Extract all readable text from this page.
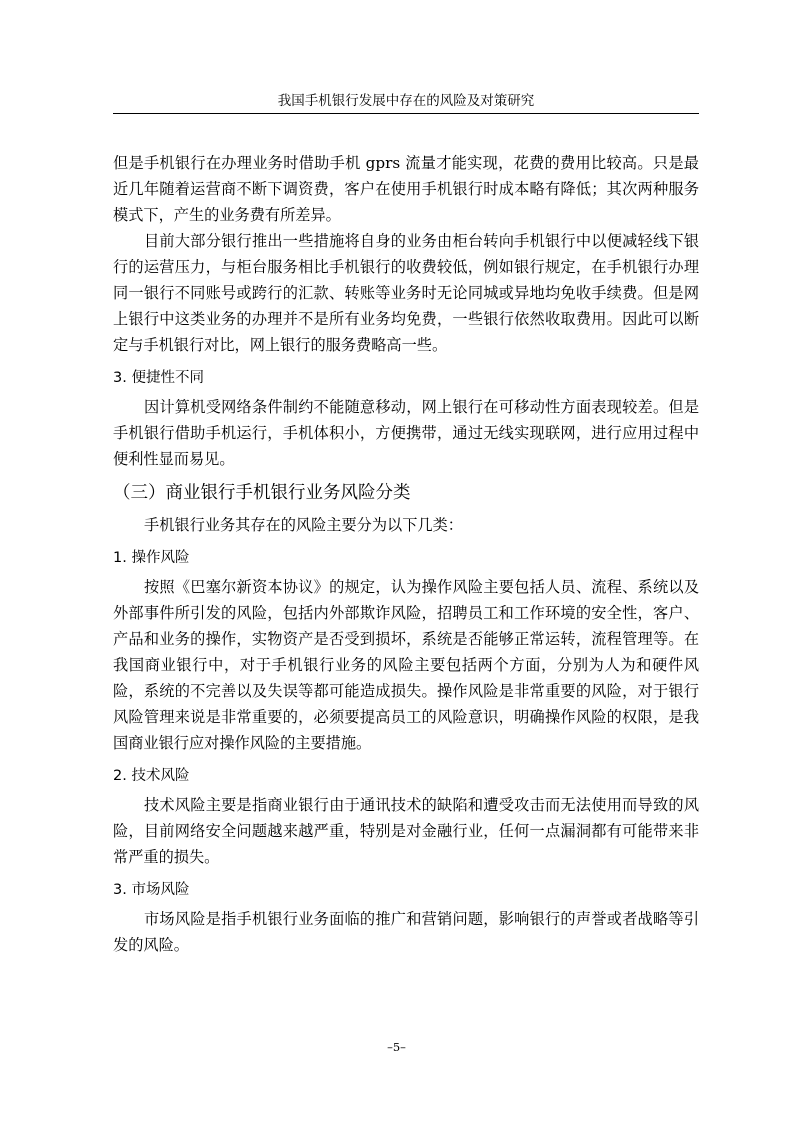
我国手机银行发展中存在的风险及对策研究

但是手机银行在办理业务时借助手机 gprs 流量才能实现，花费的费用比较高。只是最近几年随着运营商不断下调资费，客户在使用手机银行时成本略有降低；其次两种服务模式下，产生的业务费有所差异。

目前大部分银行推出一些措施将自身的业务由柜台转向手机银行中以便减轻线下银行的运营压力，与柜台服务相比手机银行的收费较低，例如银行规定，在手机银行办理同一银行不同账号或跨行的汇款、转账等业务时无论同城或异地均免收手续费。但是网上银行中这类业务的办理并不是所有业务均免费，一些银行依然收取费用。因此可以断定与手机银行对比，网上银行的服务费略高一些。

3. 便捷性不同

因计算机受网络条件制约不能随意移动，网上银行在可移动性方面表现较差。但是手机银行借助手机运行，手机体积小，方便携带，通过无线实现联网，进行应用过程中便利性显而易见。

（三）商业银行手机银行业务风险分类

手机银行业务其存在的风险主要分为以下几类：

1. 操作风险

按照《巴塞尔新资本协议》的规定，认为操作风险主要包括人员、流程、系统以及外部事件所引发的风险，包括内外部欺诈风险，招聘员工和工作环境的安全性，客户、产品和业务的操作，实物资产是否受到损坏，系统是否能够正常运转，流程管理等。在我国商业银行中，对于手机银行业务的风险主要包括两个方面，分别为人为和硬件风险，系统的不完善以及失误等都可能造成损失。操作风险是非常重要的风险，对于银行风险管理来说是非常重要的，必须要提高员工的风险意识，明确操作风险的权限，是我国商业银行应对操作风险的主要措施。

2. 技术风险

技术风险主要是指商业银行由于通讯技术的缺陷和遭受攻击而无法使用而导致的风险，目前网络安全问题越来越严重，特别是对金融行业，任何一点漏洞都有可能带来非常严重的损失。

3. 市场风险

市场风险是指手机银行业务面临的推广和营销问题，影响银行的声誉或者战略等引发的风险。

–5–
